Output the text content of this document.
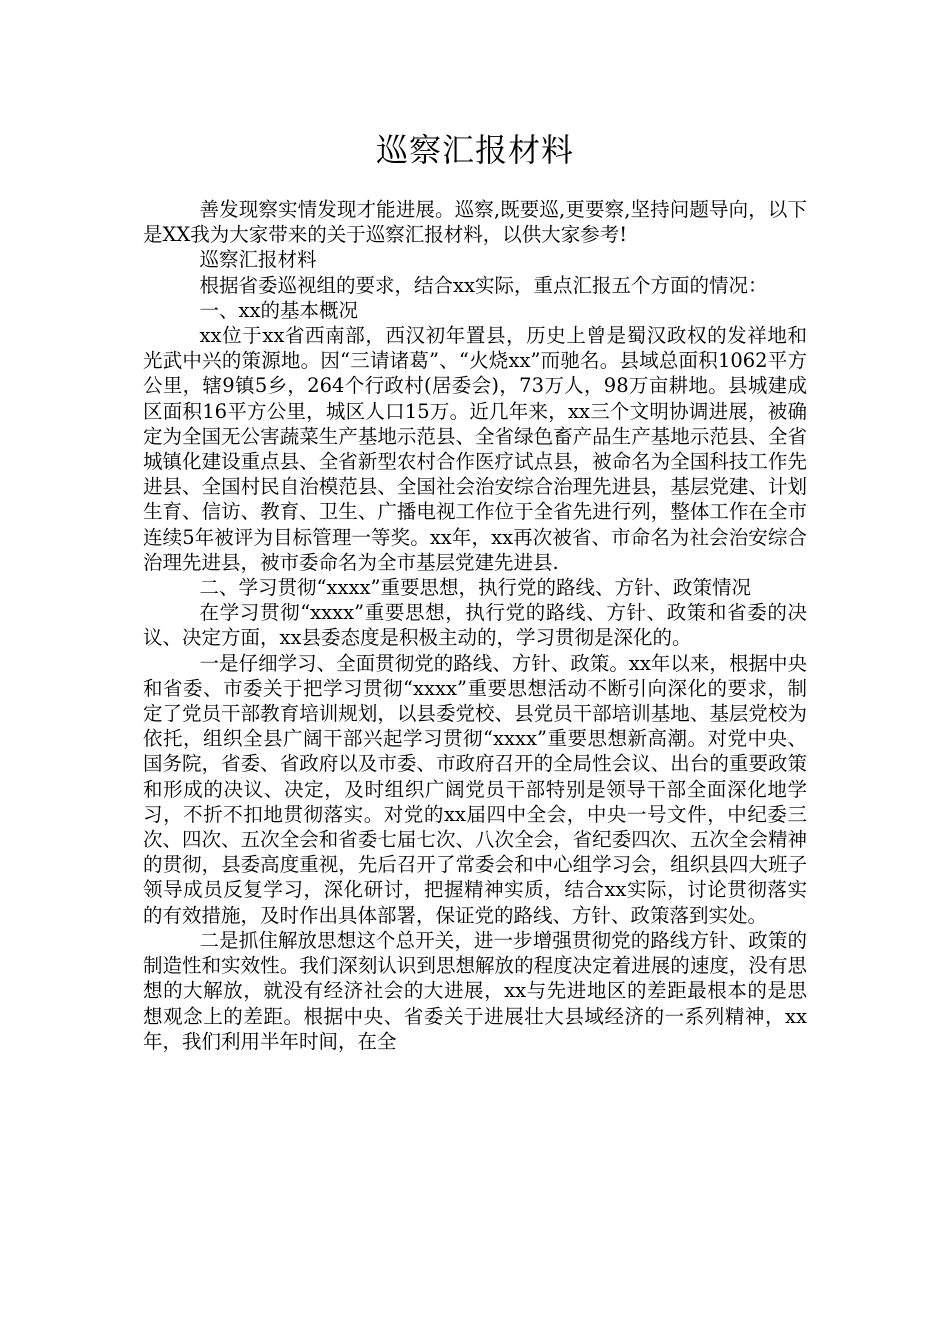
巡察汇报材料

善发现察实情发现才能进展。巡察,既要巡,更要察,坚持问题导向，以下是XX我为大家带来的关于巡察汇报材料，以供大家参考!

巡察汇报材料

根据省委巡视组的要求，结合xx实际，重点汇报五个方面的情况：

一、xx的基本概况

xx位于xx省西南部，西汉初年置县，历史上曾是蜀汉政权的发祥地和光武中兴的策源地。因“三请诸葛”、“火烧xx”而驰名。县域总面积1062平方公里，辖9镇5乡，264个行政村(居委会)，73万人，98万亩耕地。县城建成区面积16平方公里，城区人口15万。近几年来，xx三个文明协调进展，被确定为全国无公害蔬菜生产基地示范县、全省绿色畜产品生产基地示范县、全省城镇化建设重点县、全省新型农村合作医疗试点县，被命名为全国科技工作先进县、全国村民自治模范县、全国社会治安综合治理先进县，基层党建、计划生育、信访、教育、卫生、广播电视工作位于全省先进行列，整体工作在全市连续5年被评为目标管理一等奖。xx年，xx再次被省、市命名为社会治安综合治理先进县，被市委命名为全市基层党建先进县.

二、学习贯彻“xxxx”重要思想，执行党的路线、方针、政策情况

在学习贯彻“xxxx”重要思想，执行党的路线、方针、政策和省委的决议、决定方面，xx县委态度是积极主动的，学习贯彻是深化的。

一是仔细学习、全面贯彻党的路线、方针、政策。xx年以来，根据中央和省委、市委关于把学习贯彻“xxxx”重要思想活动不断引向深化的要求，制定了党员干部教育培训规划，以县委党校、县党员干部培训基地、基层党校为依托，组织全县广阔干部兴起学习贯彻“xxxx”重要思想新高潮。对党中央、国务院，省委、省政府以及市委、市政府召开的全局性会议、出台的重要政策和形成的决议、决定，及时组织广阔党员干部特别是领导干部全面深化地学习，不折不扣地贯彻落实。对党的xx届四中全会，中央一号文件，中纪委三次、四次、五次全会和省委七届七次、八次全会，省纪委四次、五次全会精神的贯彻，县委高度重视，先后召开了常委会和中心组学习会，组织县四大班子领导成员反复学习，深化研讨，把握精神实质，结合xx实际，讨论贯彻落实的有效措施，及时作出具体部署，保证党的路线、方针、政策落到实处。

二是抓住解放思想这个总开关，进一步增强贯彻党的路线方针、政策的制造性和实效性。我们深刻认识到思想解放的程度决定着进展的速度，没有思想的大解放，就没有经济社会的大进展，xx与先进地区的差距最根本的是思想观念上的差距。根据中央、省委关于进展壮大县域经济的一系列精神，xx年，我们利用半年时间，在全
